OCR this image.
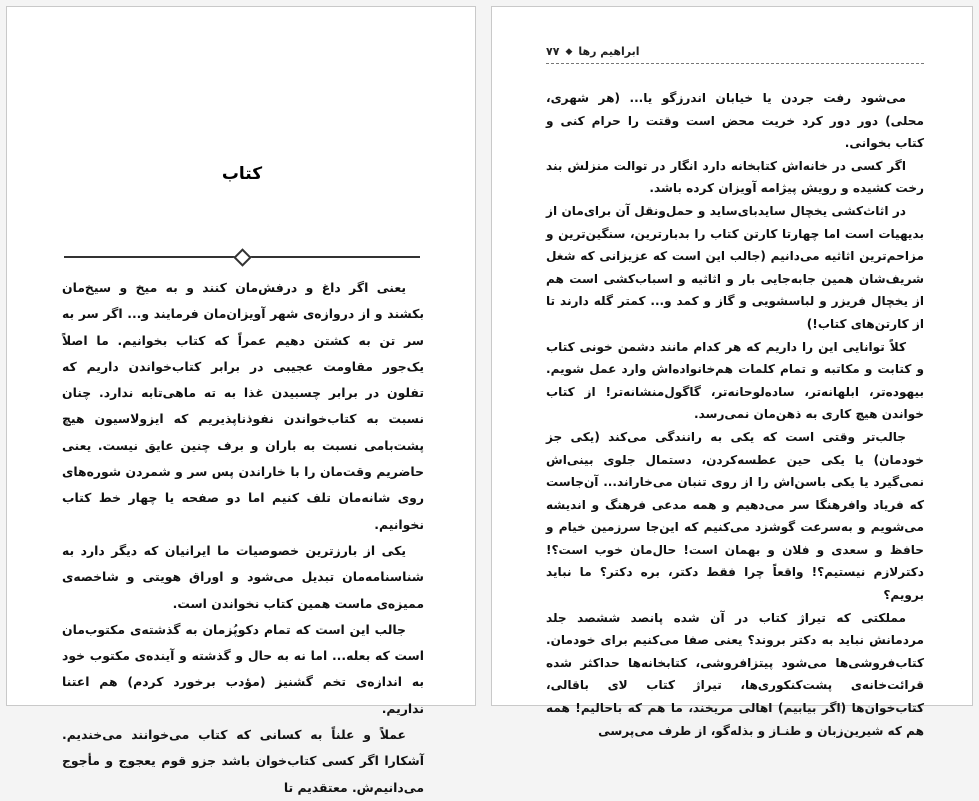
کتاب

یعنی اگر داغ و درفش‌مان کنند و به میخ و سیخ‌مان بکشند و از دروازه‌ی شهر آویزان‌مان فرمایند و... اگر سر به سر تن به کشتن دهیم عمراً که کتاب بخوانیم. ما اصلاً یک‌جور مقاومت عجیبی در برابر کتاب‌خواندن داریم که تفلون در برابر چسبیدن غذا به ته ماهی‌تابه ندارد. چنان نسبت به کتاب‌خواندن نفوذناپذیریم که ایزولاسیون هیچ پشت‌بامی نسبت به باران و برف چنین عایق نیست. یعنی حاضریم وقت‌مان را با خاراندن پس سر و شمردن شوره‌های روی شانه‌مان تلف کنیم اما دو صفحه یا چهار خط کتاب نخوانیم.

یکی از بارزترین خصوصیات ما ایرانیان که دیگر دارد به شناسنامه‌مان تبدیل می‌شود و اوراق هویتی و شاخصه‌ی ممیزه‌ی ماست همین کتاب نخواندن است.

جالب این است که تمام دکوپُزمان به گذشته‌ی مکتوب‌مان است که بعله... اما نه به حال و گذشته و آینده‌ی مکتوب خود به اندازه‌ی تخم گشنیز (مؤدب برخورد کردم) هم اعتنا نداریم.

عملاً و علناً به کسانی که کتاب می‌خوانند می‌خندیم. آشکارا اگر کسی کتاب‌خوان باشد جزو قوم یعجوج و مأجوج می‌دانیم‌ش. معتقدیم تا

ابراهیم رها
◆
۷۷

می‌شود رفت جردن یا خیابان اندرزگو یا... (هر شهری، محلی) دور دور کرد خریت محض است وقتت را حرام کنی و کتاب بخوانی.

اگر کسی در خانه‌اش کتابخانه دارد انگار در توالت منزلش بند رخت کشیده و رویش پیژامه آویزان کرده باشد.

در اثاث‌کشی یخچال سایدبای‌ساید و حمل‌ونقل آن برای‌مان از بدیهیات است اما چهارتا کارتن کتاب را بدبارترین، سنگین‌ترین و مزاحم‌ترین اثاثیه می‌دانیم (جالب این است که عزیزانی که شغل شریف‌شان همین جابه‌جایی بار و اثاثیه و اسباب‌کشی است هم از یخچال فریزر و لباسشویی و گاز و کمد و... کمتر گله دارند تا از کارتن‌های کتاب!)

کلاً توانایی این را داریم که هر کدام مانند دشمن خونی کتاب و کتابت و مکاتبه و تمام کلمات هم‌خانواده‌اش وارد عمل شویم. بیهوده‌تر، ابلهانه‌تر، ساده‌لوحانه‌تر، گاگول‌منشانه‌تر! از کتاب خواندن هیچ کاری به ذهن‌مان نمی‌رسد.

جالب‌تر وقتی است که یکی به رانندگی می‌کند (یکی جز خودمان) یا یکی حین عطسه‌کردن، دستمال جلوی بینی‌اش نمی‌گیرد یا یکی باسن‌اش را از روی تنبان می‌خاراند... آن‌جاست که فریاد وافرهنگا سر می‌دهیم و همه مدعی فرهنگ و اندیشه می‌شویم و به‌سرعت گوشزد می‌کنیم که این‌جا سرزمین خیام و حافظ و سعدی و فلان و بهمان است! حال‌مان خوب است؟! دکترلازم نیستیم؟! واقعاً چرا فقط دکتر، بره دکتر؟ ما نباید برویم؟

مملکتی که تیراژ کتاب در آن شده پانصد ششصد جلد مردمانش نباید به دکتر بروند؟ یعنی صفا می‌کنیم برای خودمان. کتاب‌فروشی‌ها می‌شود پیتزافروشی، کتابخانه‌ها حداکثر شده قرائت‌خانه‌ی پشت‌کنکوری‌ها، تیراژ کتاب لای باقالی، کتاب‌خوان‌ها (اگر بیابیم) اهالی مریخند، ما هم که باحالیم! همه هم که شیرین‌زبان و طنـاز و بذله‌گو، از طرف می‌پرسی
